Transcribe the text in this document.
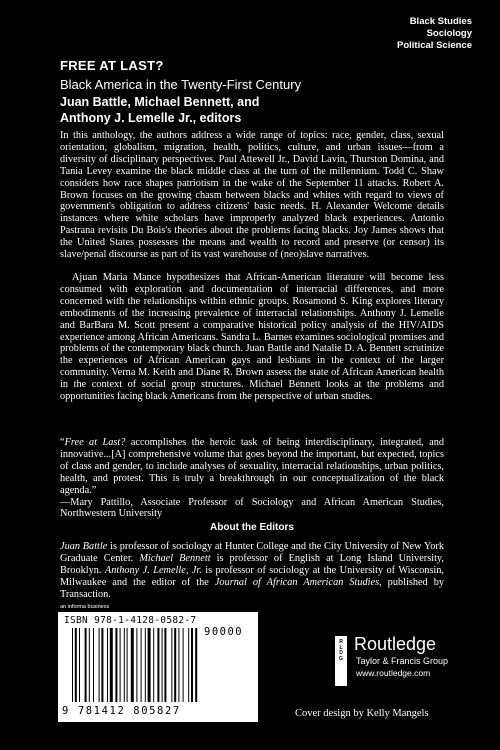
Black Studies
Sociology
Political Science
FREE AT LAST?
Black America in the Twenty-First Century
Juan Battle, Michael Bennett, and
Anthony J. Lemelle Jr., editors
In this anthology, the authors address a wide range of topics: race, gender, class, sexual orientation, globalism, migration, health, politics, culture, and urban issues—from a diversity of disciplinary perspectives. Paul Attewell Jr., David Lavin, Thurston Domina, and Tania Levey examine the black middle class at the turn of the millennium. Todd C. Shaw considers how race shapes patriotism in the wake of the September 11 attacks. Robert A. Brown focuses on the growing chasm between blacks and whites with regard to views of government's obligation to address citizens' basic needs. H. Alexander Welcome details instances where white scholars have improperly analyzed black experiences. Antonio Pastrana revisits Du Bois's theories about the problems facing blacks. Joy James shows that the United States possesses the means and wealth to record and preserve (or censor) its slave/penal discourse as part of its vast warehouse of (neo)slave narratives.
Ajuan Maria Mance hypothesizes that African-American literature will become less consumed with exploration and documentation of interracial differences, and more concerned with the relationships within ethnic groups. Rosamond S. King explores literary embodiments of the increasing prevalence of interracial relationships. Anthony J. Lemelle and BarBara M. Scott present a comparative historical policy analysis of the HIV/AIDS experience among African Americans. Sandra L. Barnes examines sociological promises and problems of the contemporary black church. Juan Battle and Natalie D. A. Bennett scrutinize the experiences of African American gays and lesbians in the context of the larger community. Verna M. Keith and Diane R. Brown assess the state of African American health in the context of social group structures. Michael Bennett looks at the problems and opportunities facing black Americans from the perspective of urban studies.
“Free at Last? accomplishes the heroic task of being interdisciplinary, integrated, and innovative...[A] comprehensive volume that goes beyond the important, but expected, topics of class and gender, to include analyses of sexuality, interracial relationships, urban politics, health, and protest. This is truly a breakthrough in our conceptualization of the black agenda.”
—Mary Pattillo, Associate Professor of Sociology and African American Studies, Northwestern University
About the Editors
Juan Battle is professor of sociology at Hunter College and the City University of New York Graduate Center. Michael Bennett is professor of English at Long Island University, Brooklyn. Anthony J. Lemelle, Jr. is professor of sociology at the University of Wisconsin, Milwaukee and the editor of the Journal of African American Studies, published by Transaction.
an informa business
ISBN 978-1-4128-0582-7
9 781412 805827
90000
R
L
D
G
Routledge
Taylor & Francis Group
www.routledge.com
Cover design by Kelly Mangels
